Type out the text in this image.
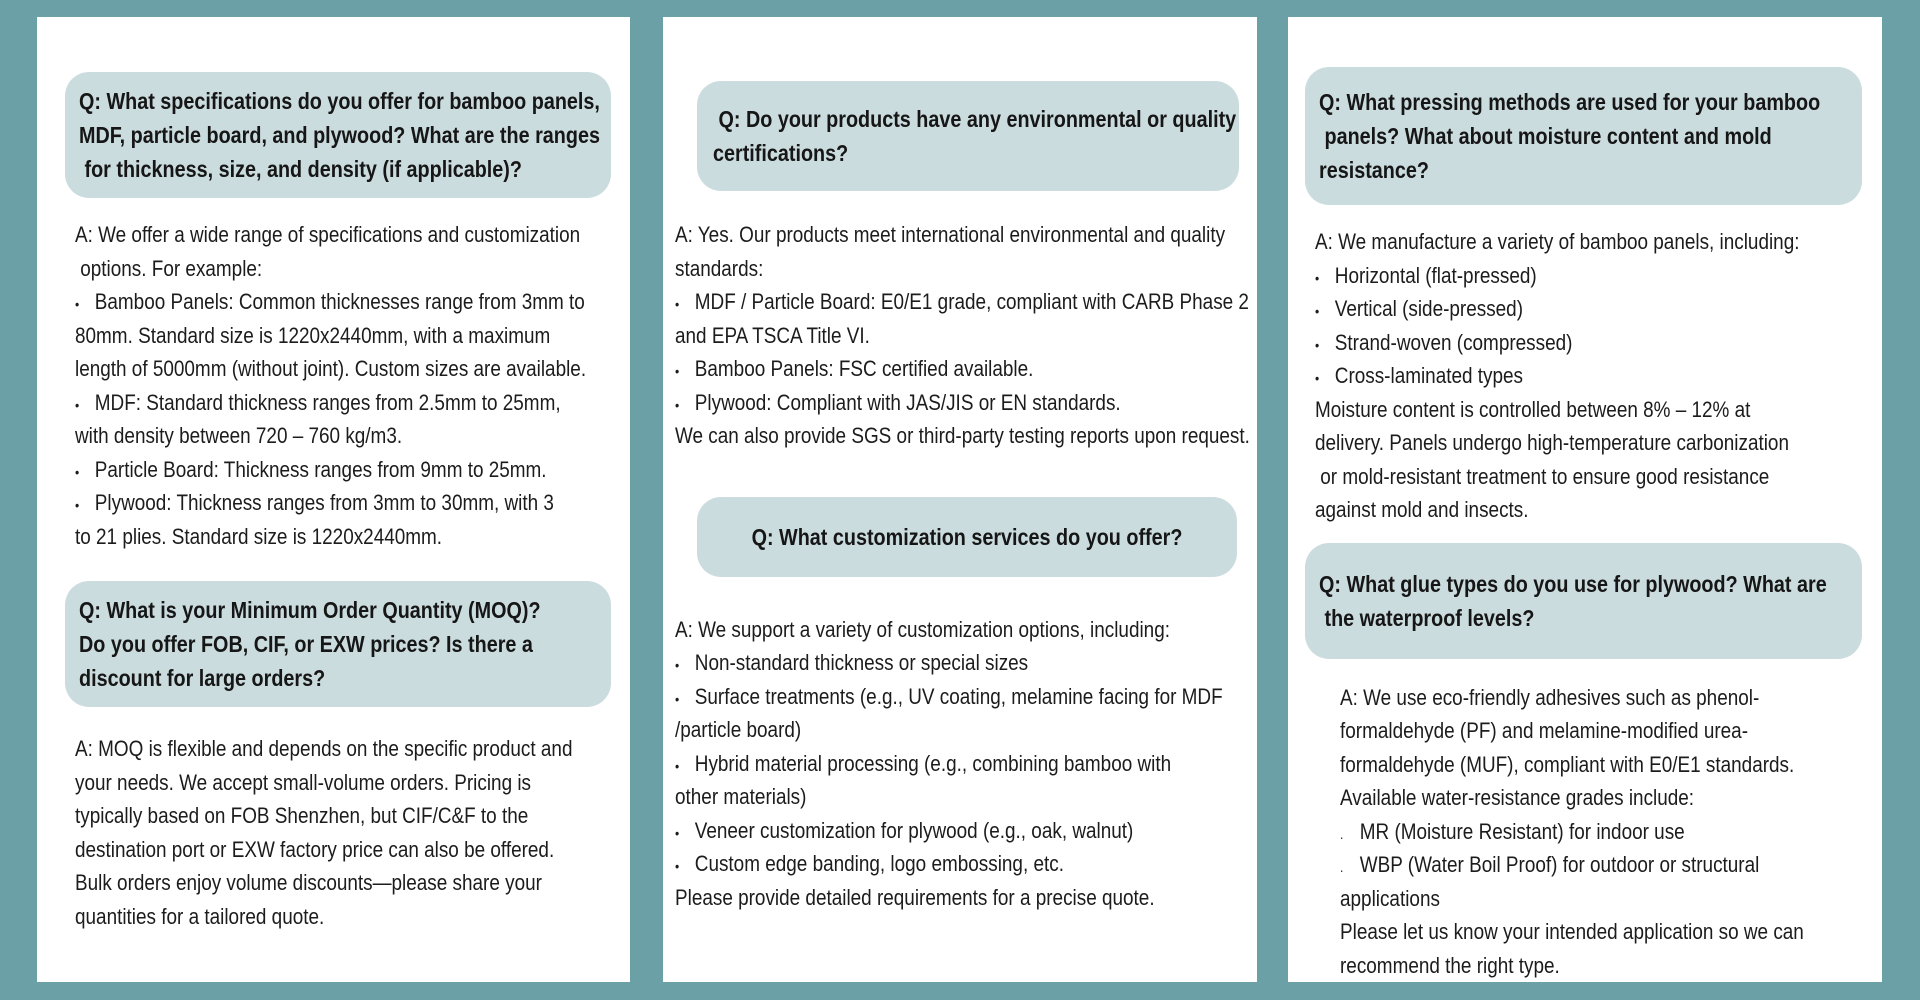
Q: What specifications do you offer for bamboo panels,
MDF, particle board, and plywood? What are the ranges
for thickness, size, and density (if applicable)?
A: We offer a wide range of specifications and customization
options. For example:
• Bamboo Panels: Common thicknesses range from 3mm to
80mm. Standard size is 1220x2440mm, with a maximum
length of 5000mm (without joint). Custom sizes are available.
• MDF: Standard thickness ranges from 2.5mm to 25mm,
with density between 720 – 760 kg/m3.
• Particle Board: Thickness ranges from 9mm to 25mm.
• Plywood: Thickness ranges from 3mm to 30mm, with 3
to 21 plies. Standard size is 1220x2440mm.
Q: What is your Minimum Order Quantity (MOQ)?
Do you offer FOB, CIF, or EXW prices? Is there a
discount for large orders?
A: MOQ is flexible and depends on the specific product and
your needs. We accept small-volume orders. Pricing is
typically based on FOB Shenzhen, but CIF/C&F to the
destination port or EXW factory price can also be offered.
Bulk orders enjoy volume discounts—please share your
quantities for a tailored quote.
Q: Do your products have any environmental or quality
certifications?
A: Yes. Our products meet international environmental and quality
standards:
• MDF / Particle Board: E0/E1 grade, compliant with CARB Phase 2
and EPA TSCA Title VI.
• Bamboo Panels: FSC certified available.
• Plywood: Compliant with JAS/JIS or EN standards.
We can also provide SGS or third-party testing reports upon request.
Q: What customization services do you offer?
A: We support a variety of customization options, including:
• Non-standard thickness or special sizes
• Surface treatments (e.g., UV coating, melamine facing for MDF
/particle board)
• Hybrid material processing (e.g., combining bamboo with
other materials)
• Veneer customization for plywood (e.g., oak, walnut)
• Custom edge banding, logo embossing, etc.
Please provide detailed requirements for a precise quote.
Q: What pressing methods are used for your bamboo
panels? What about moisture content and mold
resistance?
A: We manufacture a variety of bamboo panels, including:
• Horizontal (flat-pressed)
• Vertical (side-pressed)
• Strand-woven (compressed)
• Cross-laminated types
Moisture content is controlled between 8% – 12% at
delivery. Panels undergo high-temperature carbonization
or mold-resistant treatment to ensure good resistance
against mold and insects.
Q: What glue types do you use for plywood? What are
the waterproof levels?
A: We use eco-friendly adhesives such as phenol-
formaldehyde (PF) and melamine-modified urea-
formaldehyde (MUF), compliant with E0/E1 standards.
Available water-resistance grades include:
. MR (Moisture Resistant) for indoor use
. WBP (Water Boil Proof) for outdoor or structural
applications
Please let us know your intended application so we can
recommend the right type.
